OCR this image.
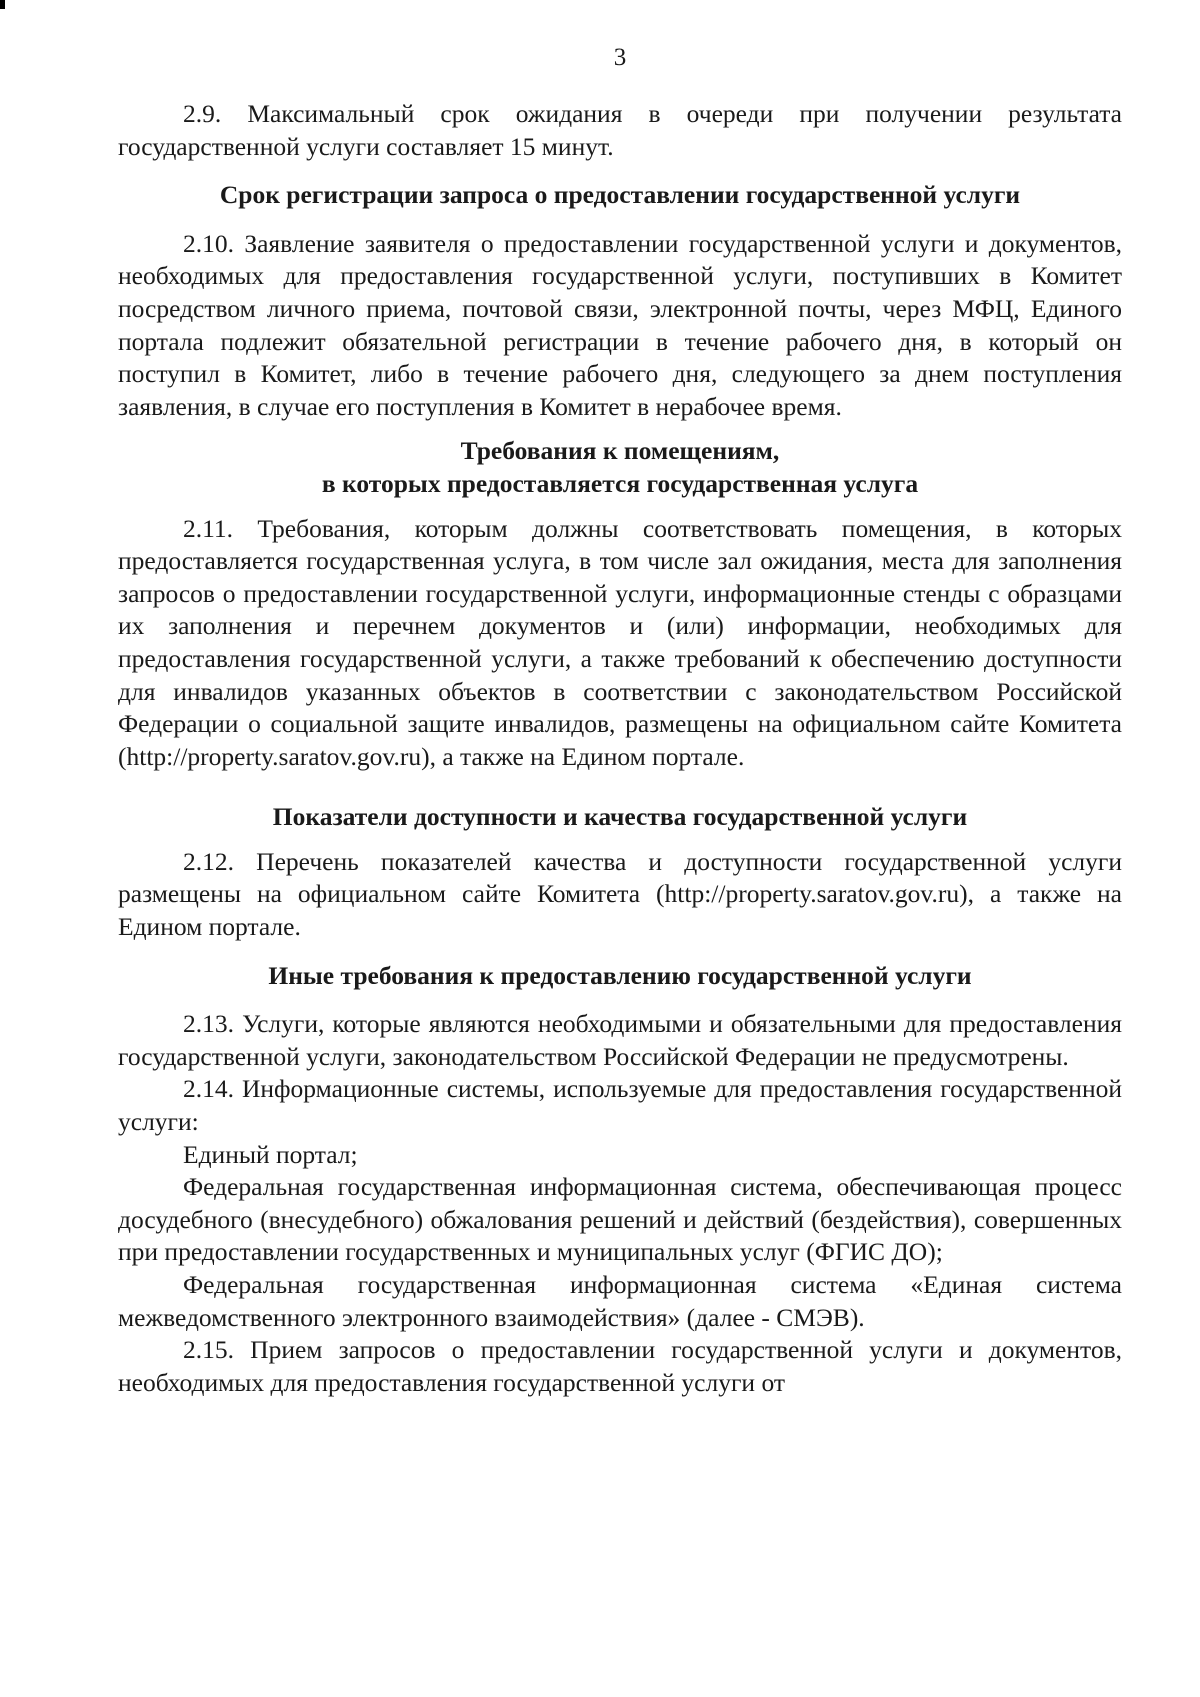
3

2.9. Максимальный срок ожидания в очереди при получении результата государственной услуги составляет 15 минут.

Срок регистрации запроса о предоставлении государственной услуги

2.10. Заявление заявителя о предоставлении государственной услуги и документов, необходимых для предоставления государственной услуги, поступивших в Комитет посредством личного приема, почтовой связи, электронной почты, через МФЦ, Единого портала подлежит обязательной регистрации в течение рабочего дня, в который он поступил в Комитет, либо в течение рабочего дня, следующего за днем поступления заявления, в случае его поступления в Комитет в нерабочее время.

Требования к помещениям,
в которых предоставляется государственная услуга

2.11. Требования, которым должны соответствовать помещения, в которых предоставляется государственная услуга, в том числе зал ожидания, места для заполнения запросов о предоставлении государственной услуги, информационные стенды с образцами их заполнения и перечнем документов и (или) информации, необходимых для предоставления государственной услуги, а также требований к обеспечению доступности для инвалидов указанных объектов в соответствии с законодательством Российской Федерации о социальной защите инвалидов, размещены на официальном сайте Комитета (http://property.saratov.gov.ru), а также на Едином портале.

Показатели доступности и качества государственной услуги

2.12. Перечень показателей качества и доступности государственной услуги размещены на официальном сайте Комитета (http://property.saratov.gov.ru), а также на Едином портале.

Иные требования к предоставлению государственной услуги

2.13. Услуги, которые являются необходимыми и обязательными для предоставления государственной услуги, законодательством Российской Федерации не предусмотрены.

2.14. Информационные системы, используемые для предоставления государственной услуги:

Единый портал;

Федеральная государственная информационная система, обеспечивающая процесс досудебного (внесудебного) обжалования решений и действий (бездействия), совершенных при предоставлении государственных и муниципальных услуг (ФГИС ДО);

Федеральная государственная информационная система «Единая система межведомственного электронного взаимодействия» (далее - СМЭВ).

2.15. Прием запросов о предоставлении государственной услуги и документов, необходимых для предоставления государственной услуги от
